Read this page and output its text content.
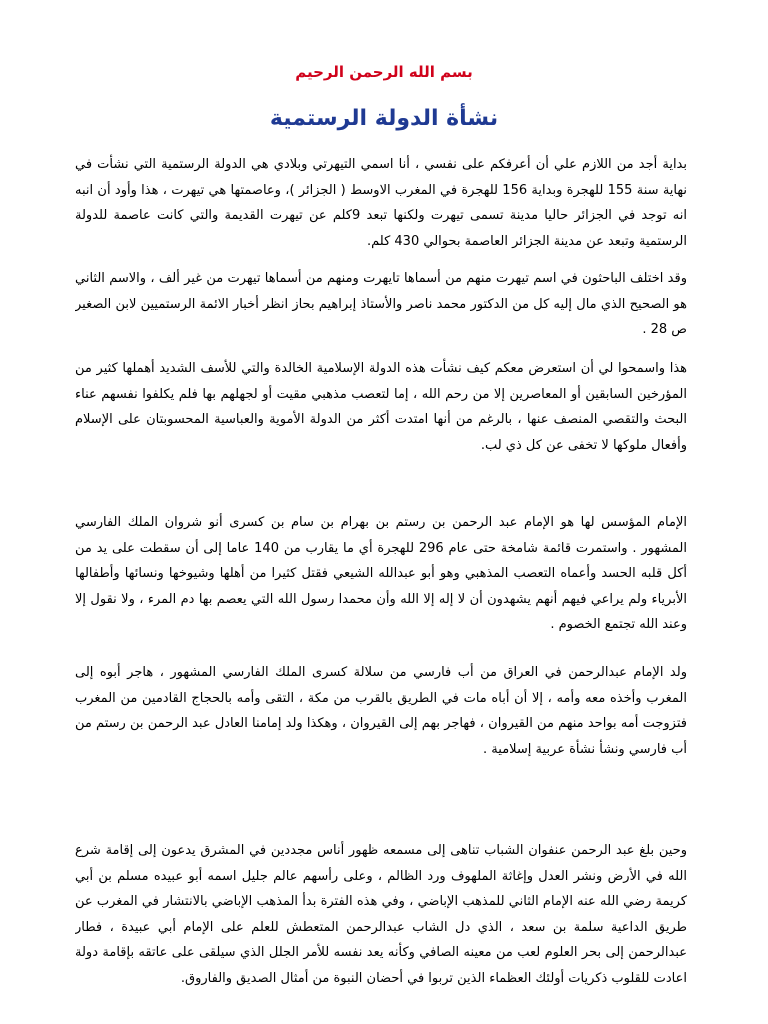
بسم الله الرحمن الرحيم
نشأة الدولة الرستمية

بداية أجد من اللازم علي أن أعرفكم على نفسي ، أنا اسمي التيهرتي وبلادي هي الدولة الرستمية التي نشأت في نهاية سنة 155 للهجرة وبداية 156 للهجرة في المغرب الاوسط ( الجزائر )، وعاصمتها هي تيهرت ، هذا وأود أن انبه انه توجد في الجزائر حاليا مدينة تسمى تيهرت ولكنها تبعد 9كلم عن تيهرت القديمة والتي كانت عاصمة للدولة الرستمية وتبعد عن مدينة الجزائر العاصمة بحوالي 430 كلم.

وقد اختلف الباحثون في اسم تيهرت منهم من أسماها تايهرت ومنهم من أسماها تيهرت من غير ألف ، والاسم الثاني هو الصحيح الذي مال إليه كل من الدكتور محمد ناصر والأستاذ إبراهيم بحاز انظر أخبار الائمة الرستميين لابن الصغير ص 28 .

هذا واسمحوا لي أن استعرض معكم كيف نشأت هذه الدولة الإسلامية الخالدة والتي للأسف الشديد أهملها كثير من المؤرخين السابقين أو المعاصرين إلا من رحم الله ، إما لتعصب مذهبي مقيت أو لجهلهم بها فلم يكلفوا نفسهم عناء البحث والتقصي المنصف عنها ، بالرغم من أنها امتدت أكثر من الدولة الأموية والعباسية المحسوبتان على الإسلام وأفعال ملوكها لا تخفى عن كل ذي لب.

الإمام المؤسس لها هو الإمام عبد الرحمن بن رستم بن بهرام بن سام بن كسرى أنو شروان الملك الفارسي المشهور . واستمرت قائمة شامخة حتى عام 296 للهجرة أي ما يقارب من 140 عاما إلى أن سقطت على يد من أكل قلبه الحسد وأعماه التعصب المذهبي وهو أبو عبدالله الشيعي فقتل كثيرا من أهلها وشيوخها ونسائها وأطفالها الأبرياء ولم يراعي فيهم أنهم يشهدون أن لا إله إلا الله وأن محمدا رسول الله التي يعصم بها دم المرء ، ولا نقول إلا وعند الله تجتمع الخصوم .

ولد الإمام عبدالرحمن في العراق من أب فارسي من سلالة كسرى الملك الفارسي المشهور ، هاجر أبوه إلى المغرب وأخذه معه وأمه ، إلا أن أباه مات في الطريق بالقرب من مكة ، التقى وأمه بالحجاج القادمين من المغرب فتزوجت أمه بواحد منهم من القيروان ، فهاجر بهم إلى القيروان ، وهكذا ولد إمامنا العادل عبد الرحمن بن رستم من أب فارسي ونشأ نشأة عربية إسلامية .

وحين بلغ عبد الرحمن عنفوان الشباب تناهى إلى مسمعه ظهور أناس مجددين في المشرق يدعون إلى إقامة شرع الله في الأرض ونشر العدل وإغاثة الملهوف ورد الظالم ، وعلى رأسهم عالم جليل اسمه أبو عبيده مسلم بن أبي كريمة رضي الله عنه الإمام الثاني للمذهب الإباضي ، وفي هذه الفترة بدأ المذهب الإباضي بالانتشار في المغرب عن طريق الداعية سلمة بن سعد ، الذي دل الشاب عبدالرحمن المتعطش للعلم على الإمام أبي عبيدة ، فطار عبدالرحمن إلى بحر العلوم لعب من معينه الصافي وكأنه يعد نفسه للأمر الجلل الذي سيلقى على عاتقه بإقامة دولة اعادت للقلوب ذكريات أولئك العظماء الذين تربوا في أحضان النبوة من أمثال الصديق والفاروق.
